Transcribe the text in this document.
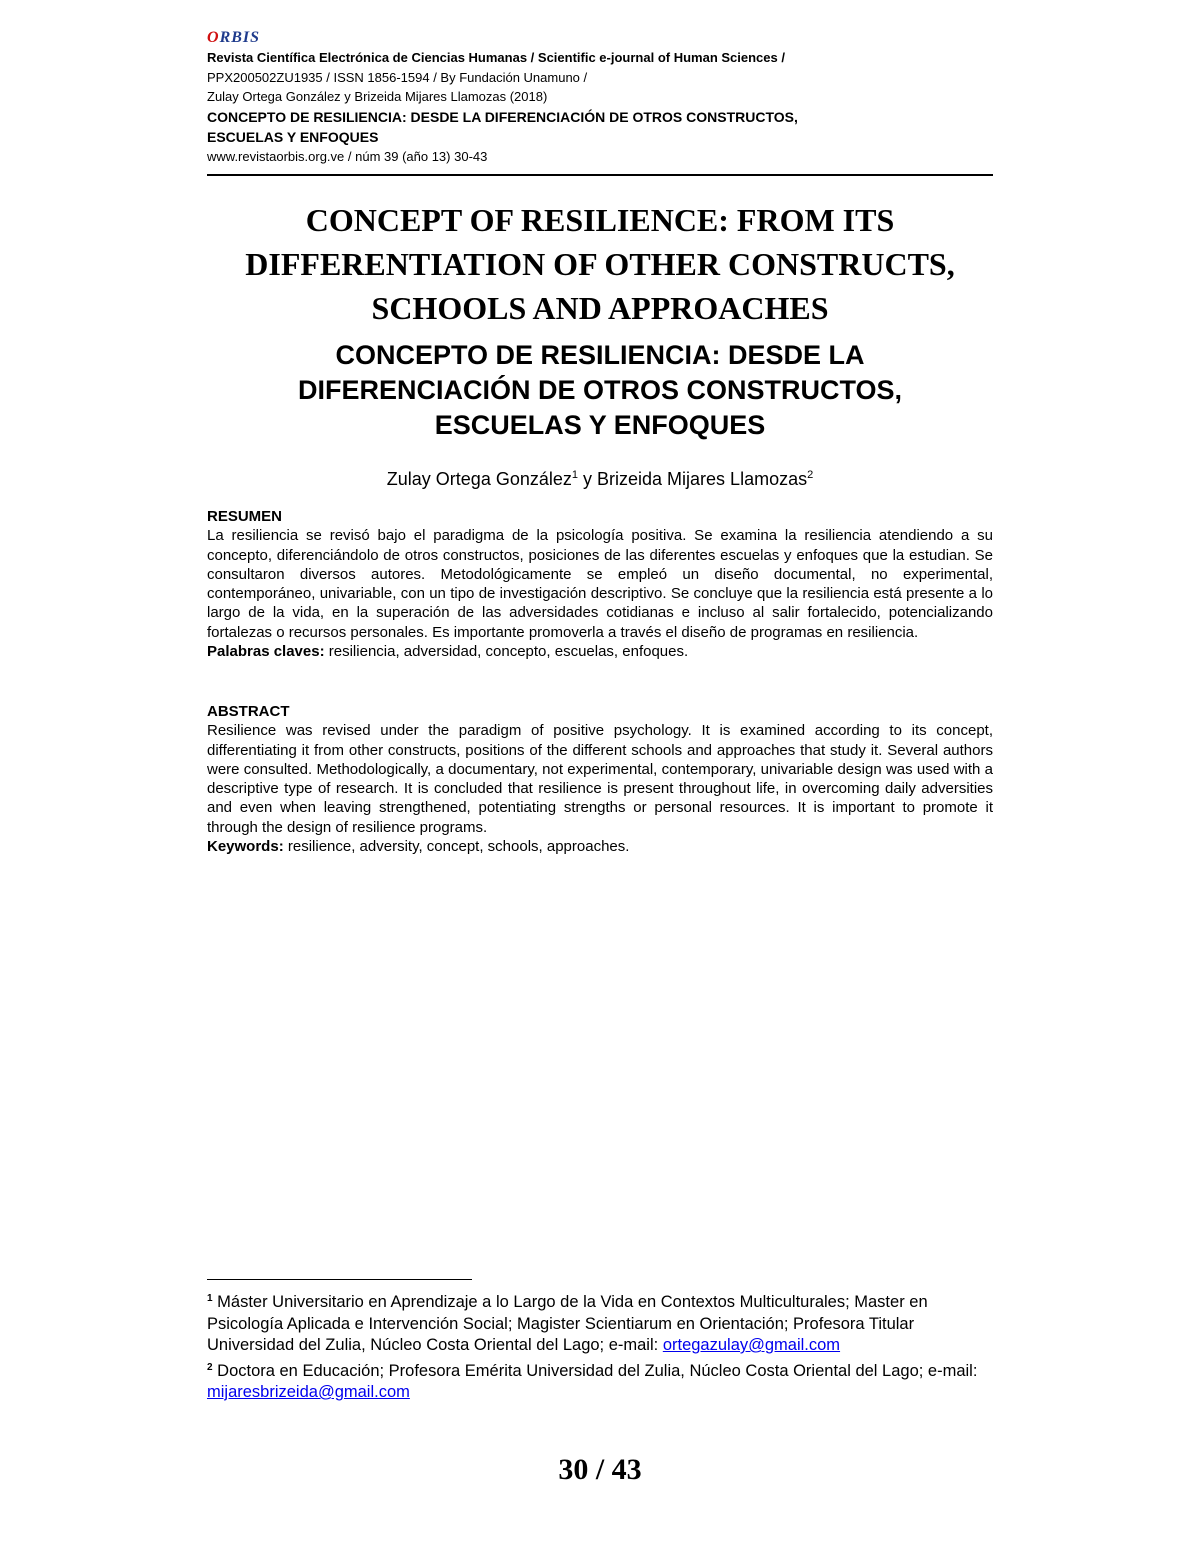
ORBIS
Revista Científica Electrónica de Ciencias Humanas / Scientific e-journal of Human Sciences /
PPX200502ZU1935 / ISSN 1856-1594 / By Fundación Unamuno /
Zulay Ortega González y Brizeida Mijares Llamozas (2018)
CONCEPTO DE RESILIENCIA: DESDE LA DIFERENCIACIÓN DE OTROS CONSTRUCTOS,
ESCUELAS Y ENFOQUES
www.revistaorbis.org.ve / núm 39 (año 13) 30-43
CONCEPT OF RESILIENCE: FROM ITS
DIFFERENTIATION OF OTHER CONSTRUCTS,
SCHOOLS AND APPROACHES
CONCEPTO DE RESILIENCIA: DESDE LA
DIFERENCIACIÓN DE OTROS CONSTRUCTOS,
ESCUELAS Y ENFOQUES
Zulay Ortega González$^1$ y Brizeida Mijares Llamozas$^2$
RESUMEN
La resiliencia se revisó bajo el paradigma de la psicología positiva. Se examina la resiliencia atendiendo a su concepto, diferenciándolo de otros constructos, posiciones de las diferentes escuelas y enfoques que la estudian. Se consultaron diversos autores. Metodológicamente se empleó un diseño documental, no experimental, contemporáneo, univariable, con un tipo de investigación descriptivo. Se concluye que la resiliencia está presente a lo largo de la vida, en la superación de las adversidades cotidianas e incluso al salir fortalecido, potencializando fortalezas o recursos personales. Es importante promoverla a través el diseño de programas en resiliencia.
Palabras claves: resiliencia, adversidad, concepto, escuelas, enfoques.
ABSTRACT
Resilience was revised under the paradigm of positive psychology. It is examined according to its concept, differentiating it from other constructs, positions of the different schools and approaches that study it. Several authors were consulted. Methodologically, a documentary, not experimental, contemporary, univariable design was used with a descriptive type of research. It is concluded that resilience is present throughout life, in overcoming daily adversities and even when leaving strengthened, potentiating strengths or personal resources. It is important to promote it through the design of resilience programs.
Keywords: resilience, adversity, concept, schools, approaches.

$^1$ Máster Universitario en Aprendizaje a lo Largo de la Vida en Contextos Multiculturales; Master en Psicología Aplicada e Intervención Social; Magister Scientiarum en Orientación; Profesora Titular Universidad del Zulia, Núcleo Costa Oriental del Lago; e-mail: ortegazulay@gmail.com

$^2$ Doctora en Educación; Profesora Emérita Universidad del Zulia, Núcleo Costa Oriental del Lago; e-mail: mijaresbrizeida@gmail.com

30 / 43
